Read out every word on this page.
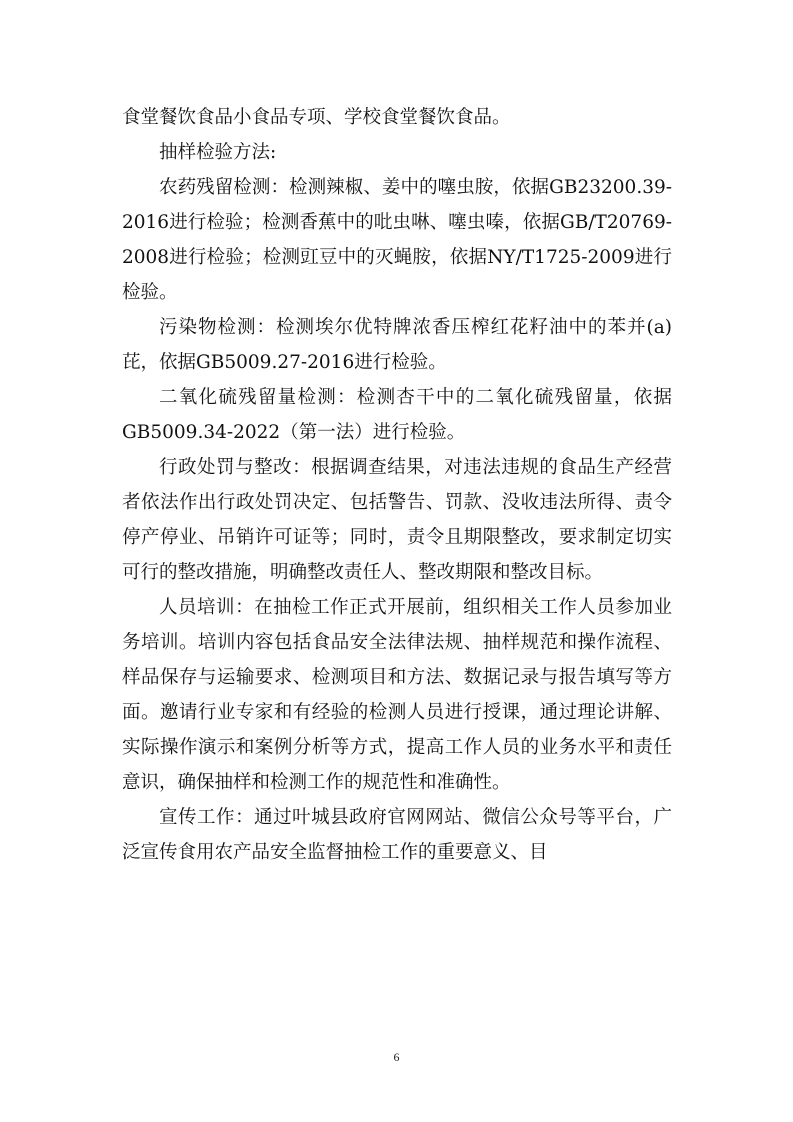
食堂餐饮食品小食品专项、学校食堂餐饮食品。

抽样检验方法:

农药残留检测：检测辣椒、姜中的噻虫胺，依据GB23200.39-2016进行检验；检测香蕉中的吡虫啉、噻虫嗪，依据GB/T20769-2008进行检验；检测豇豆中的灭蝇胺，依据NY/T1725-2009进行检验。

污染物检测：检测埃尔优特牌浓香压榨红花籽油中的苯并(a)芘，依据GB5009.27-2016进行检验。

二氧化硫残留量检测：检测杏干中的二氧化硫残留量，依据GB5009.34-2022（第一法）进行检验。

行政处罚与整改：根据调查结果，对违法违规的食品生产经营者依法作出行政处罚决定、包括警告、罚款、没收违法所得、责令停产停业、吊销许可证等；同时，责令且期限整改，要求制定切实可行的整改措施，明确整改责任人、整改期限和整改目标。

人员培训：在抽检工作正式开展前，组织相关工作人员参加业务培训。培训内容包括食品安全法律法规、抽样规范和操作流程、样品保存与运输要求、检测项目和方法、数据记录与报告填写等方面。邀请行业专家和有经验的检测人员进行授课，通过理论讲解、实际操作演示和案例分析等方式，提高工作人员的业务水平和责任意识，确保抽样和检测工作的规范性和准确性。

宣传工作：通过叶城县政府官网网站、微信公众号等平台，广泛宣传食用农产品安全监督抽检工作的重要意义、目

6
